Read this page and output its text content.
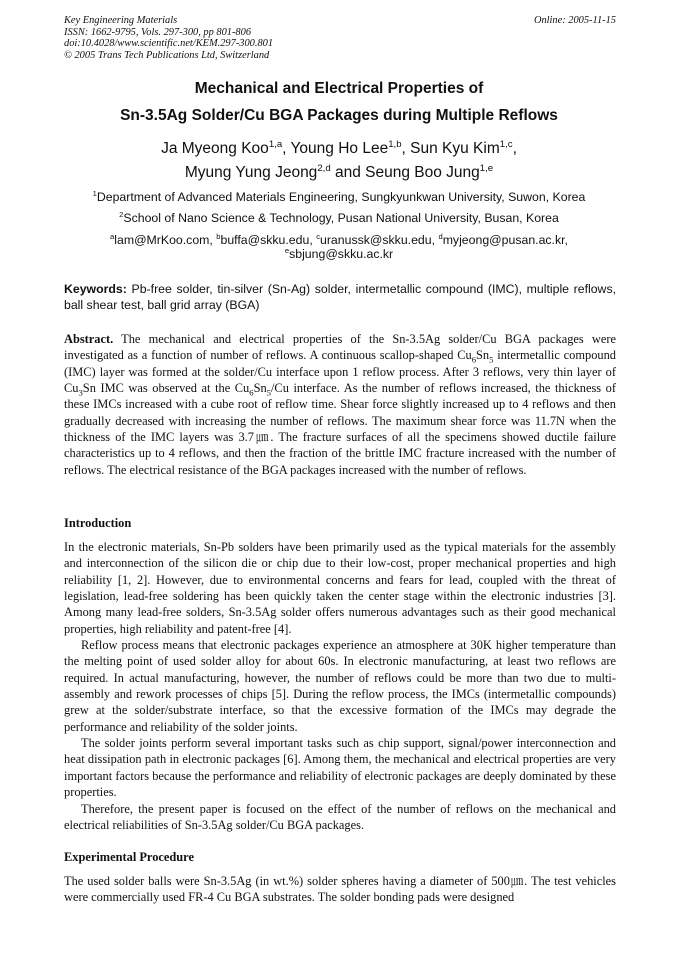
Key Engineering Materials
ISSN: 1662-9795, Vols. 297-300, pp 801-806
doi:10.4028/www.scientific.net/KEM.297-300.801
© 2005 Trans Tech Publications Ltd, Switzerland
Online: 2005-11-15
Mechanical and Electrical Properties of
Sn-3.5Ag Solder/Cu BGA Packages during Multiple Reflows
Ja Myeong Koo$^{1,a}$, Young Ho Lee$^{1,b}$, Sun Kyu Kim$^{1,c}$,
Myung Yung Jeong$^{2,d}$ and Seung Boo Jung$^{1,e}$
$^1$Department of Advanced Materials Engineering, Sungkyunkwan University, Suwon, Korea
$^2$School of Nano Science & Technology, Pusan National University, Busan, Korea
$^a$lam@MrKoo.com, $^b$buffa@skku.edu, $^c$uranussk@skku.edu, $^d$myjeong@pusan.ac.kr,
$^e$sbjung@skku.ac.kr
Keywords: Pb-free solder, tin-silver (Sn-Ag) solder, intermetallic compound (IMC), multiple reflows, ball shear test, ball grid array (BGA)

Abstract. The mechanical and electrical properties of the Sn-3.5Ag solder/Cu BGA packages were investigated as a function of number of reflows. A continuous scallop-shaped $Cu_6Sn_5$ intermetallic compound (IMC) layer was formed at the solder/Cu interface upon 1 reflow process. After 3 reflows, very thin layer of $Cu_3Sn$ IMC was observed at the $Cu_6Sn_5/Cu$ interface. As the number of reflows increased, the thickness of these IMCs increased with a cube root of reflow time. Shear force slightly increased up to 4 reflows and then gradually decreased with increasing the number of reflows. The maximum shear force was 11.7N when the thickness of the IMC layers was 3.7㎛. The fracture surfaces of all the specimens showed ductile failure characteristics up to 4 reflows, and then the fraction of the brittle IMC fracture increased with the number of reflows. The electrical resistance of the BGA packages increased with the number of reflows.

Introduction

In the electronic materials, Sn-Pb solders have been primarily used as the typical materials for the assembly and interconnection of the silicon die or chip due to their low-cost, proper mechanical properties and high reliability [1, 2]. However, due to environmental concerns and fears for lead, coupled with the threat of legislation, lead-free soldering has been quickly taken the center stage within the electronic industries [3]. Among many lead-free solders, Sn-3.5Ag solder offers numerous advantages such as their good mechanical properties, high reliability and patent-free [4].

Reflow process means that electronic packages experience an atmosphere at 30K higher temperature than the melting point of used solder alloy for about 60s. In electronic manufacturing, at least two reflows are required. In actual manufacturing, however, the number of reflows could be more than two due to multi-assembly and rework processes of chips [5]. During the reflow process, the IMCs (intermetallic compounds) grew at the solder/substrate interface, so that the excessive formation of the IMCs may degrade the performance and reliability of the solder joints.

The solder joints perform several important tasks such as chip support, signal/power interconnection and heat dissipation path in electronic packages [6]. Among them, the mechanical and electrical properties are very important factors because the performance and reliability of electronic packages are deeply dominated by these properties.

Therefore, the present paper is focused on the effect of the number of reflows on the mechanical and electrical reliabilities of Sn-3.5Ag solder/Cu BGA packages.

Experimental Procedure

The used solder balls were Sn-3.5Ag (in wt.%) solder spheres having a diameter of 500㎛. The test vehicles were commercially used FR-4 Cu BGA substrates. The solder bonding pads were designed
